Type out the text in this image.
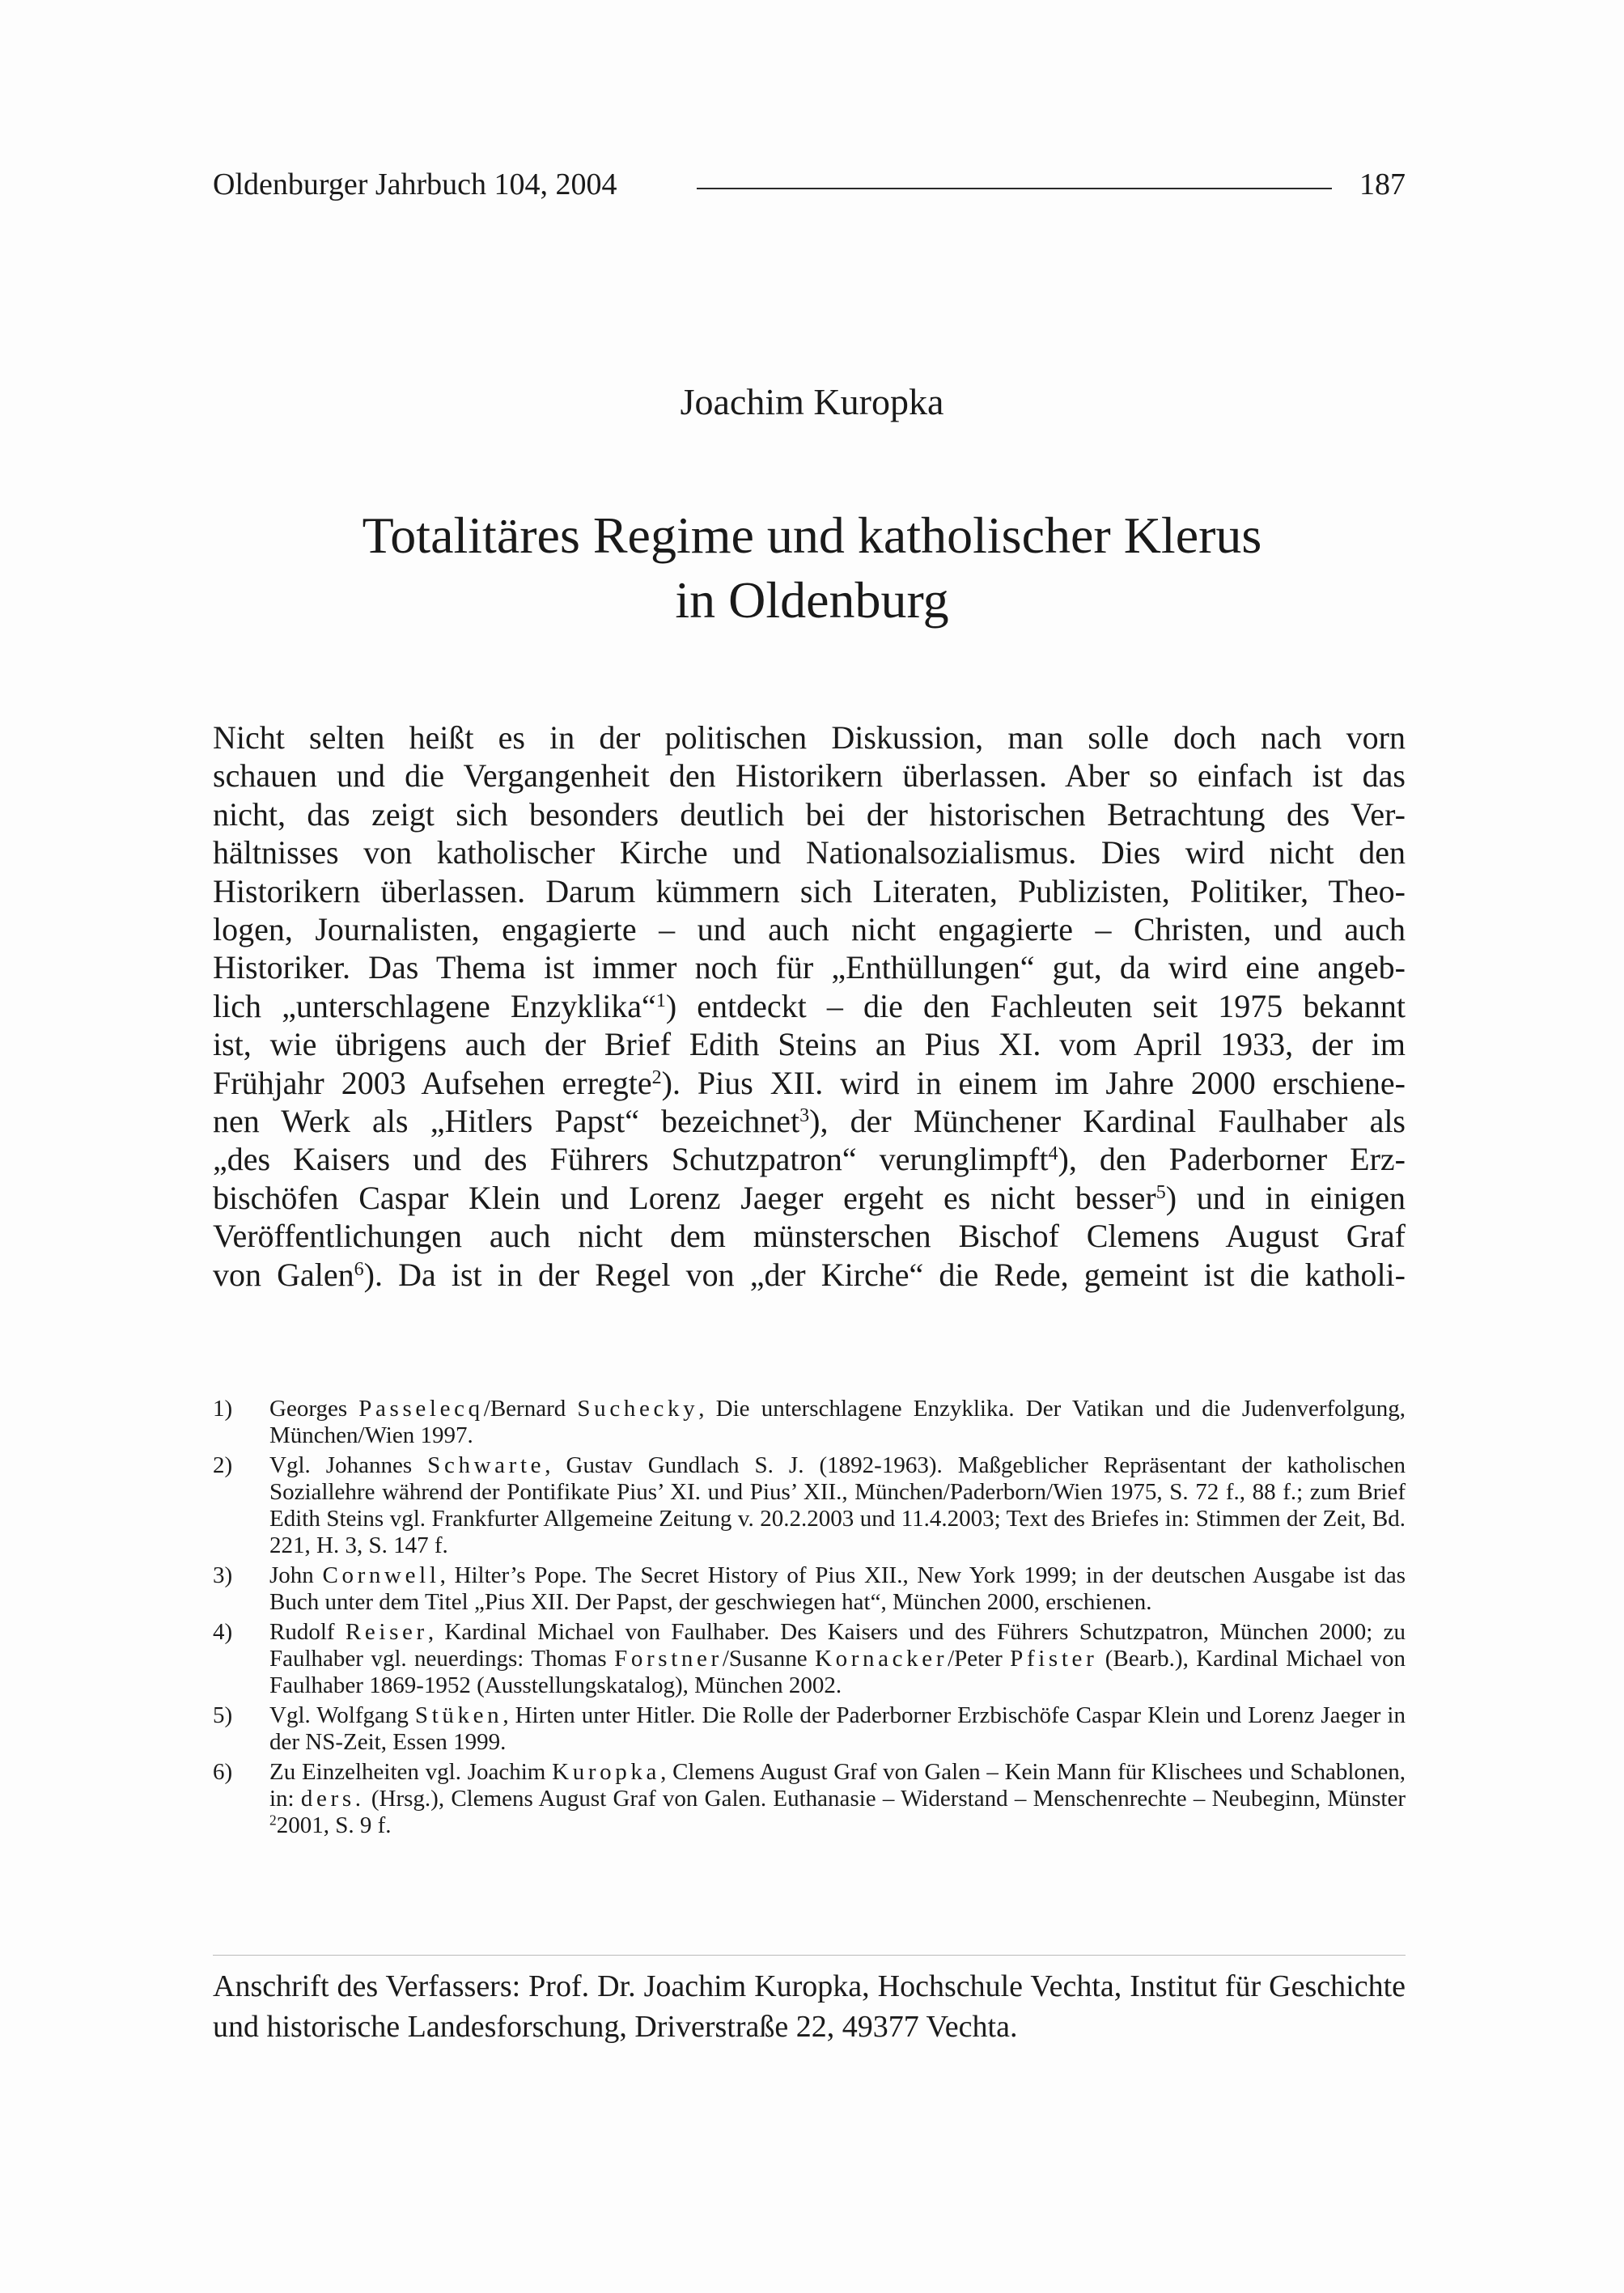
Oldenburger Jahrbuch 104, 2004	187
Joachim Kuropka
Totalitäres Regime und katholischer Klerus
in Oldenburg

Nicht selten heißt es in der politischen Diskussion, man solle doch nach vorn

schauen und die Vergangenheit den Historikern überlassen. Aber so einfach ist das

nicht, das zeigt sich besonders deutlich bei der historischen Betrachtung des Ver-

hältnisses von katholischer Kirche und Nationalsozialismus. Dies wird nicht den

Historikern überlassen. Darum kümmern sich Literaten, Publizisten, Politiker, Theo-

logen, Journalisten, engagierte – und auch nicht engagierte – Christen, und auch

Historiker. Das Thema ist immer noch für „Enthüllungen“ gut, da wird eine angeb-

lich „unterschlagene Enzyklika“$^1$) entdeckt – die den Fachleuten seit 1975 bekannt

ist, wie übrigens auch der Brief Edith Steins an Pius XI. vom April 1933, der im

Frühjahr 2003 Aufsehen erregte$^2$). Pius XII. wird in einem im Jahre 2000 erschiene-

nen Werk als „Hitlers Papst“ bezeichnet$^3$), der Münchener Kardinal Faulhaber als

„des Kaisers und des Führers Schutzpatron“ verunglimpft$^4$), den Paderborner Erz-

bischöfen Caspar Klein und Lorenz Jaeger ergeht es nicht besser$^5$) und in einigen

Veröffentlichungen auch nicht dem münsterschen Bischof Clemens August Graf

von Galen$^6$). Da ist in der Regel von „der Kirche“ die Rede, gemeint ist die katholi-

1) Georges Passelecq/Bernard Suchecky, Die unterschlagene Enzyklika. Der Vatikan und die Judenverfolgung, München/Wien 1997.
2) Vgl. Johannes Schwarte, Gustav Gundlach S. J. (1892-1963). Maßgeblicher Repräsentant der katholischen Soziallehre während der Pontifikate Pius’ XI. und Pius’ XII., München/Paderborn/Wien 1975, S. 72 f., 88 f.; zum Brief Edith Steins vgl. Frankfurter Allgemeine Zeitung v. 20.2.2003 und 11.4.2003; Text des Briefes in: Stimmen der Zeit, Bd. 221, H. 3, S. 147 f.
3) John Cornwell, Hilter’s Pope. The Secret History of Pius XII., New York 1999; in der deutschen Ausgabe ist das Buch unter dem Titel „Pius XII. Der Papst, der geschwiegen hat“, München 2000, erschienen.
4) Rudolf Reiser, Kardinal Michael von Faulhaber. Des Kaisers und des Führers Schutzpatron, München 2000; zu Faulhaber vgl. neuerdings: Thomas Forstner/Susanne Kornacker/Peter Pfister (Bearb.), Kardinal Michael von Faulhaber 1869-1952 (Ausstellungskatalog), München 2002.
5) Vgl. Wolfgang Stüken, Hirten unter Hitler. Die Rolle der Paderborner Erzbischöfe Caspar Klein und Lorenz Jaeger in der NS-Zeit, Essen 1999.
6) Zu Einzelheiten vgl. Joachim Kuropka, Clemens August Graf von Galen – Kein Mann für Klischees und Schablonen, in: ders. (Hrsg.), Clemens August Graf von Galen. Euthanasie – Widerstand – Menschenrechte – Neubeginn, Münster $^2$2001, S. 9 f.
Anschrift des Verfassers: Prof. Dr. Joachim Kuropka, Hochschule Vechta, Institut für Geschichte und historische Landesforschung, Driverstraße 22, 49377 Vechta.
